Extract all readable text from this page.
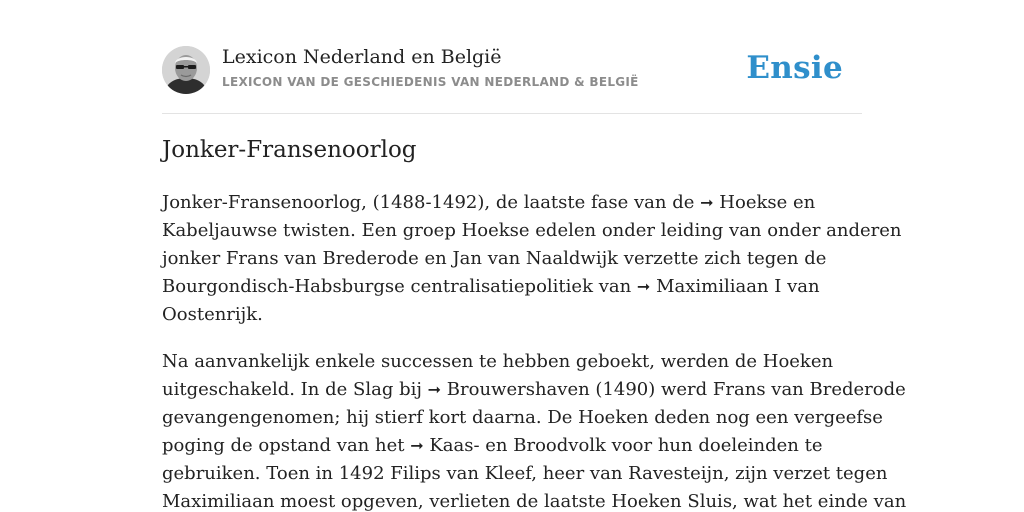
Lexicon Nederland en België
LEXICON VAN DE GESCHIEDENIS VAN NEDERLAND & BELGIË	Ensie
Jonker-Fransenoorlog

Jonker-Fransenoorlog, (1488-1492), de laatste fase van de ➞ Hoekse en
Kabeljauwse twisten. Een groep Hoekse edelen onder leiding van onder anderen
jonker Frans van Brederode en Jan van Naaldwijk verzette zich tegen de
Bourgondisch-Habsburgse centralisatiepolitiek van ➞ Maximiliaan I van
Oostenrijk.

Na aanvankelijk enkele successen te hebben geboekt, werden de Hoeken
uitgeschakeld. In de Slag bij ➞ Brouwershaven (1490) werd Frans van Brederode
gevangengenomen; hij stierf kort daarna. De Hoeken deden nog een vergeefse
poging de opstand van het ➞ Kaas- en Broodvolk voor hun doeleinden te
gebruiken. Toen in 1492 Filips van Kleef, heer van Ravesteijn, zijn verzet tegen
Maximiliaan moest opgeven, verlieten de laatste Hoeken Sluis, wat het einde van
